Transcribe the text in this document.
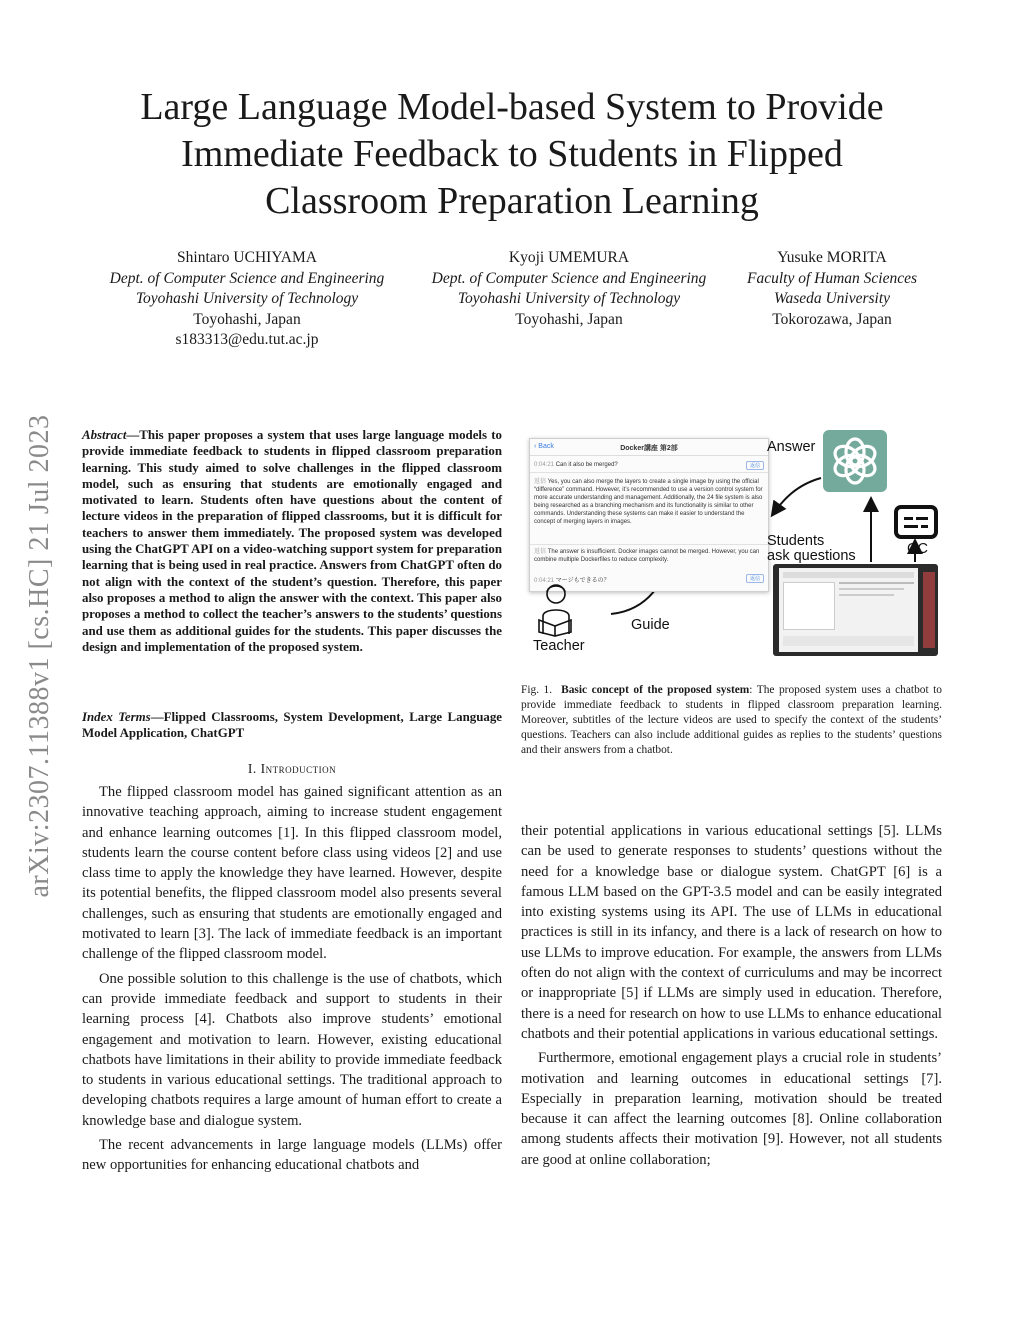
Large Language Model-based System to Provide
Immediate Feedback to Students in Flipped
Classroom Preparation Learning
Shintaro UCHIYAMA
Dept. of Computer Science and Engineering
Toyohashi University of Technology
Toyohashi, Japan
s183313@edu.tut.ac.jp
Kyoji UMEMURA
Dept. of Computer Science and Engineering
Toyohashi University of Technology
Toyohashi, Japan
Yusuke MORITA
Faculty of Human Sciences
Waseda University
Tokorozawa, Japan
arXiv:2307.11388v1 [cs.HC] 21 Jul 2023 Abstract—This paper proposes a system that uses large language models to provide immediate feedback to students in flipped classroom preparation learning. This study aimed to solve challenges in the flipped classroom model, such as ensuring that students are emotionally engaged and motivated to learn. Students often have questions about the content of lecture videos in the preparation of flipped classrooms, but it is difficult for teachers to answer them immediately. The proposed system was developed using the ChatGPT API on a video-watching support system for preparation learning that is being used in real practice. Answers from ChatGPT often do not align with the context of the student’s question. Therefore, this paper also proposes a method to align the answer with the context. This paper also proposes a method to collect the teacher’s answers to the students’ questions and use them as additional guides for the students. This paper discusses the design and implementation of the proposed system.
Index Terms—Flipped Classrooms, System Development, Large Language Model Application, ChatGPT
I. Introduction

The flipped classroom model has gained significant attention as an innovative teaching approach, aiming to increase student engagement and enhance learning outcomes [1]. In this flipped classroom model, students learn the course content before class using videos [2] and use class time to apply the knowledge they have learned. However, despite its potential benefits, the flipped classroom model also presents several challenges, such as ensuring that students are emotionally engaged and motivated to learn [3]. The lack of immediate feedback is an important challenge of the flipped classroom model.

One possible solution to this challenge is the use of chatbots, which can provide immediate feedback and support to students in their learning process [4]. Chatbots also improve students’ emotional engagement and motivation to learn. However, existing educational chatbots have limitations in their ability to provide immediate feedback to students in various educational settings. The traditional approach to developing chatbots requires a large amount of human effort to create a knowledge base and dialogue system.

The recent advancements in large language models (LLMs) offer new opportunities for enhancing educational chatbots and

their potential applications in various educational settings [5]. LLMs can be used to generate responses to students’ questions without the need for a knowledge base or dialogue system. ChatGPT [6] is a famous LLM based on the GPT-3.5 model and can be easily integrated into existing systems using its API. The use of LLMs in educational practices is still in its infancy, and there is a lack of research on how to use LLMs to improve education. For example, the answers from LLMs often do not align with the context of curriculums and may be incorrect or inappropriate [5] if LLMs are simply used in education. Therefore, there is a need for research on how to use LLMs to enhance educational chatbots and their potential applications in various educational settings.

Furthermore, emotional engagement plays a crucial role in students’ motivation and learning outcomes in educational settings [7]. Especially in preparation learning, motivation should be treated because it can affect the learning outcomes [8]. Online collaboration among students affects their motivation [9]. However, not all students are good at online collaboration;

‹ Back	Docker講座 第2部
0:04:21 Can it also be merged?	返信
返信 Yes, you can also merge the layers to create a single image by using the official “difference” command. However, it’s recommended to use a version control system for more accurate understanding and management. Additionally, the 24 file system is also being researched as a branching mechanism and its functionality is similar to other commands. Understanding these systems can make it easier to understand the concept of merging layers in images.
返信 The answer is insufficient. Docker images cannot be merged. However, you can combine multiple Dockerfiles to reduce complexity.
0:04:21 マージもできるの？	返信
Answer
Students
ask questions	CC
Teacher
Guide
Fig. 1. Basic concept of the proposed system: The proposed system uses a chatbot to provide immediate feedback to students in flipped classroom preparation learning. Moreover, subtitles of the lecture videos are used to specify the context of the students’ questions. Teachers can also include additional guides as replies to the students’ questions and their answers from a chatbot.
